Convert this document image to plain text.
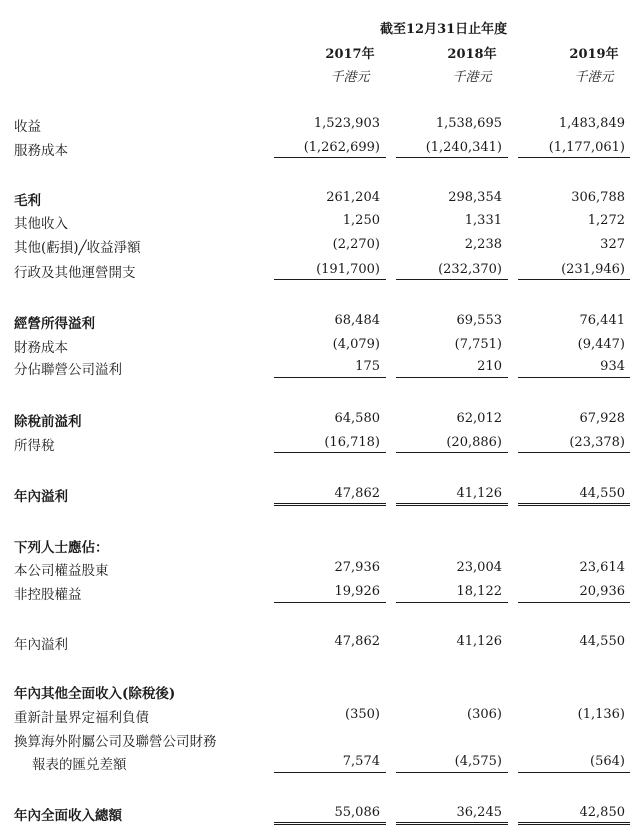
截至12月31日止年度
2017年	2018年	2019年
千港元	千港元	千港元
收益	1,523,903	1,538,695	1,483,849
服務成本	(1,262,699)	(1,240,341)	(1,177,061)
毛利	261,204	298,354	306,788
其他收入	1,250	1,331	1,272
其他(虧損)╱收益淨額	(2,270)	2,238	327
行政及其他運營開支	(191,700)	(232,370)	(231,946)
經營所得溢利	68,484	69,553	76,441
財務成本	(4,079)	(7,751)	(9,447)
分佔聯營公司溢利	175	210	934
除稅前溢利	64,580	62,012	67,928
所得稅	(16,718)	(20,886)	(23,378)
年內溢利	47,862	41,126	44,550
下列人士應佔：
本公司權益股東	27,936	23,004	23,614
非控股權益	19,926	18,122	20,936
年內溢利	47,862	41,126	44,550
年內其他全面收入(除稅後)
重新計量界定福利負債	(350)	(306)	(1,136)
換算海外附屬公司及聯營公司財務
報表的匯兑差額	7,574	(4,575)	(564)
年內全面收入總額	55,086	36,245	42,850
